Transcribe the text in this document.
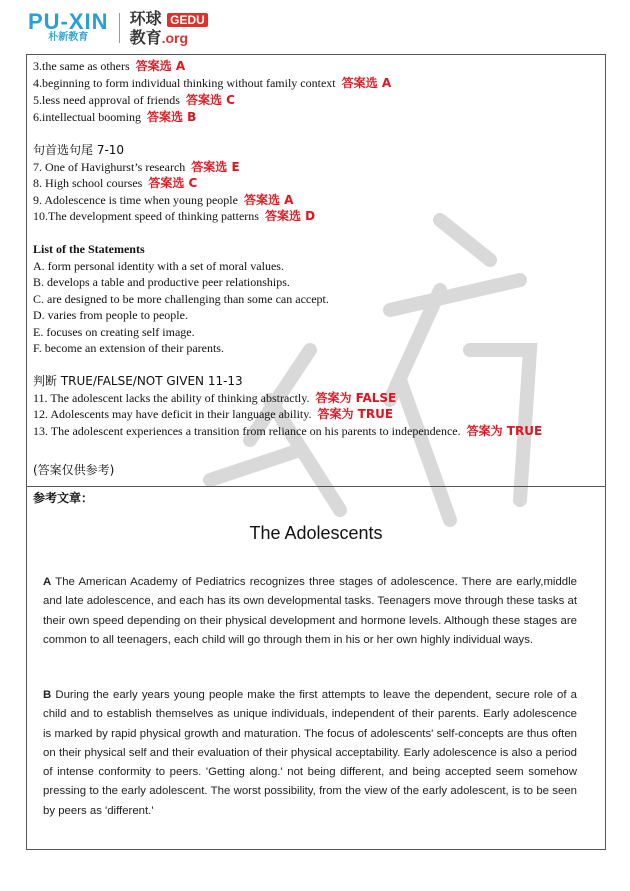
PU-XIN
朴新教育
环球 GEDU
教育.org
3.the same as others 答案选 A
4.beginning to form individual thinking without family context 答案选 A
5.less need approval of friends 答案选 C
6.intellectual booming 答案选 B
句首选句尾 7-10
7. One of Havighurst’s research 答案选 E
8. High school courses 答案选 C
9. Adolescence is time when young people 答案选 A
10.The development speed of thinking patterns 答案选 D
List of the Statements
A. form personal identity with a set of moral values.
B. develops a table and productive peer relationships.
C. are designed to be more challenging than some can accept.
D. varies from people to people.
E. focuses on creating self image.
F. become an extension of their parents.
判断 TRUE/FALSE/NOT GIVEN 11-13
11. The adolescent lacks the ability of thinking abstractly. 答案为 FALSE
12. Adolescents may have deficit in their language ability. 答案为 TRUE
13. The adolescent experiences a transition from reliance on his parents to independence. 答案为 TRUE
(答案仅供参考)
参考文章：
The Adolescents
A The American Academy of Pediatrics recognizes three stages of adolescence. There are early,middle and late adolescence, and each has its own developmental tasks. Teenagers move through these tasks at their own speed depending on their physical development and hormone levels. Although these stages are common to all teenagers, each child will go through them in his or her own highly individual ways.
B During the early years young people make the first attempts to leave the dependent, secure role of a child and to establish themselves as unique individuals, independent of their parents. Early adolescence is marked by rapid physical growth and maturation. The focus of adolescents' self-concepts are thus often on their physical self and their evaluation of their physical acceptability. Early adolescence is also a period of intense conformity to peers. 'Getting along.' not being different, and being accepted seem somehow pressing to the early adolescent. The worst possibility, from the view of the early adolescent, is to be seen by peers as 'different.'
